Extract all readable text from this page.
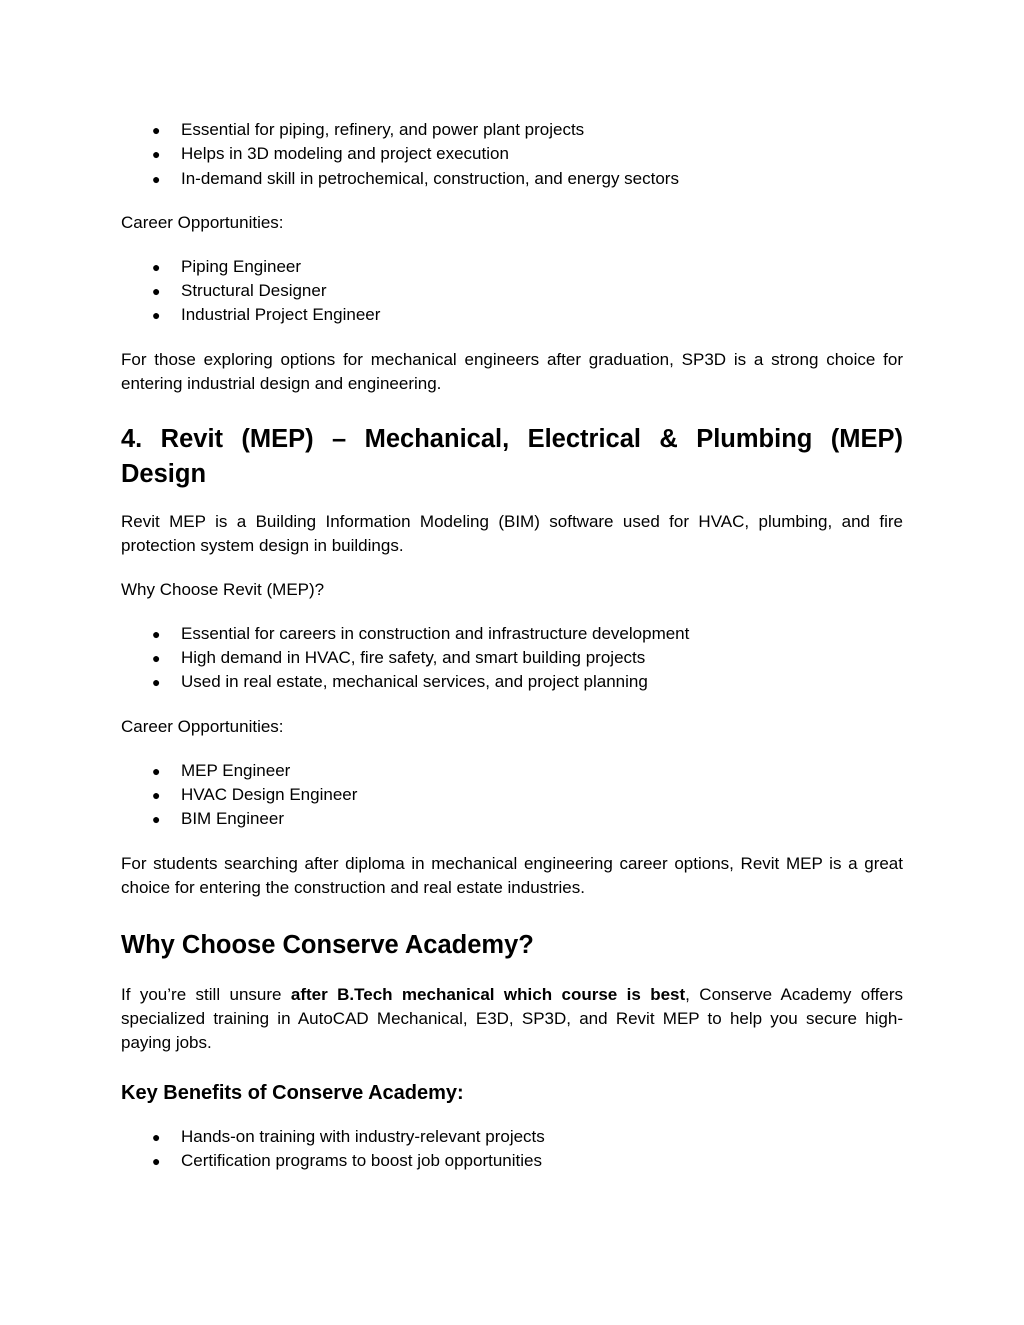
● Essential for piping, refinery, and power plant projects
● Helps in 3D modeling and project execution
● In-demand skill in petrochemical, construction, and energy sectors

Career Opportunities:

● Piping Engineer
● Structural Designer
● Industrial Project Engineer

For those exploring options for mechanical engineers after graduation, SP3D is a strong choice for entering industrial design and engineering.

4. Revit (MEP) – Mechanical, Electrical & Plumbing (MEP) Design

Revit MEP is a Building Information Modeling (BIM) software used for HVAC, plumbing, and fire protection system design in buildings.

Why Choose Revit (MEP)?

● Essential for careers in construction and infrastructure development
● High demand in HVAC, fire safety, and smart building projects
● Used in real estate, mechanical services, and project planning

Career Opportunities:

● MEP Engineer
● HVAC Design Engineer
● BIM Engineer

For students searching after diploma in mechanical engineering career options, Revit MEP is a great choice for entering the construction and real estate industries.

Why Choose Conserve Academy?

If you’re still unsure after B.Tech mechanical which course is best, Conserve Academy offers specialized training in AutoCAD Mechanical, E3D, SP3D, and Revit MEP to help you secure high-paying jobs.

Key Benefits of Conserve Academy:
● Hands-on training with industry-relevant projects
● Certification programs to boost job opportunities
